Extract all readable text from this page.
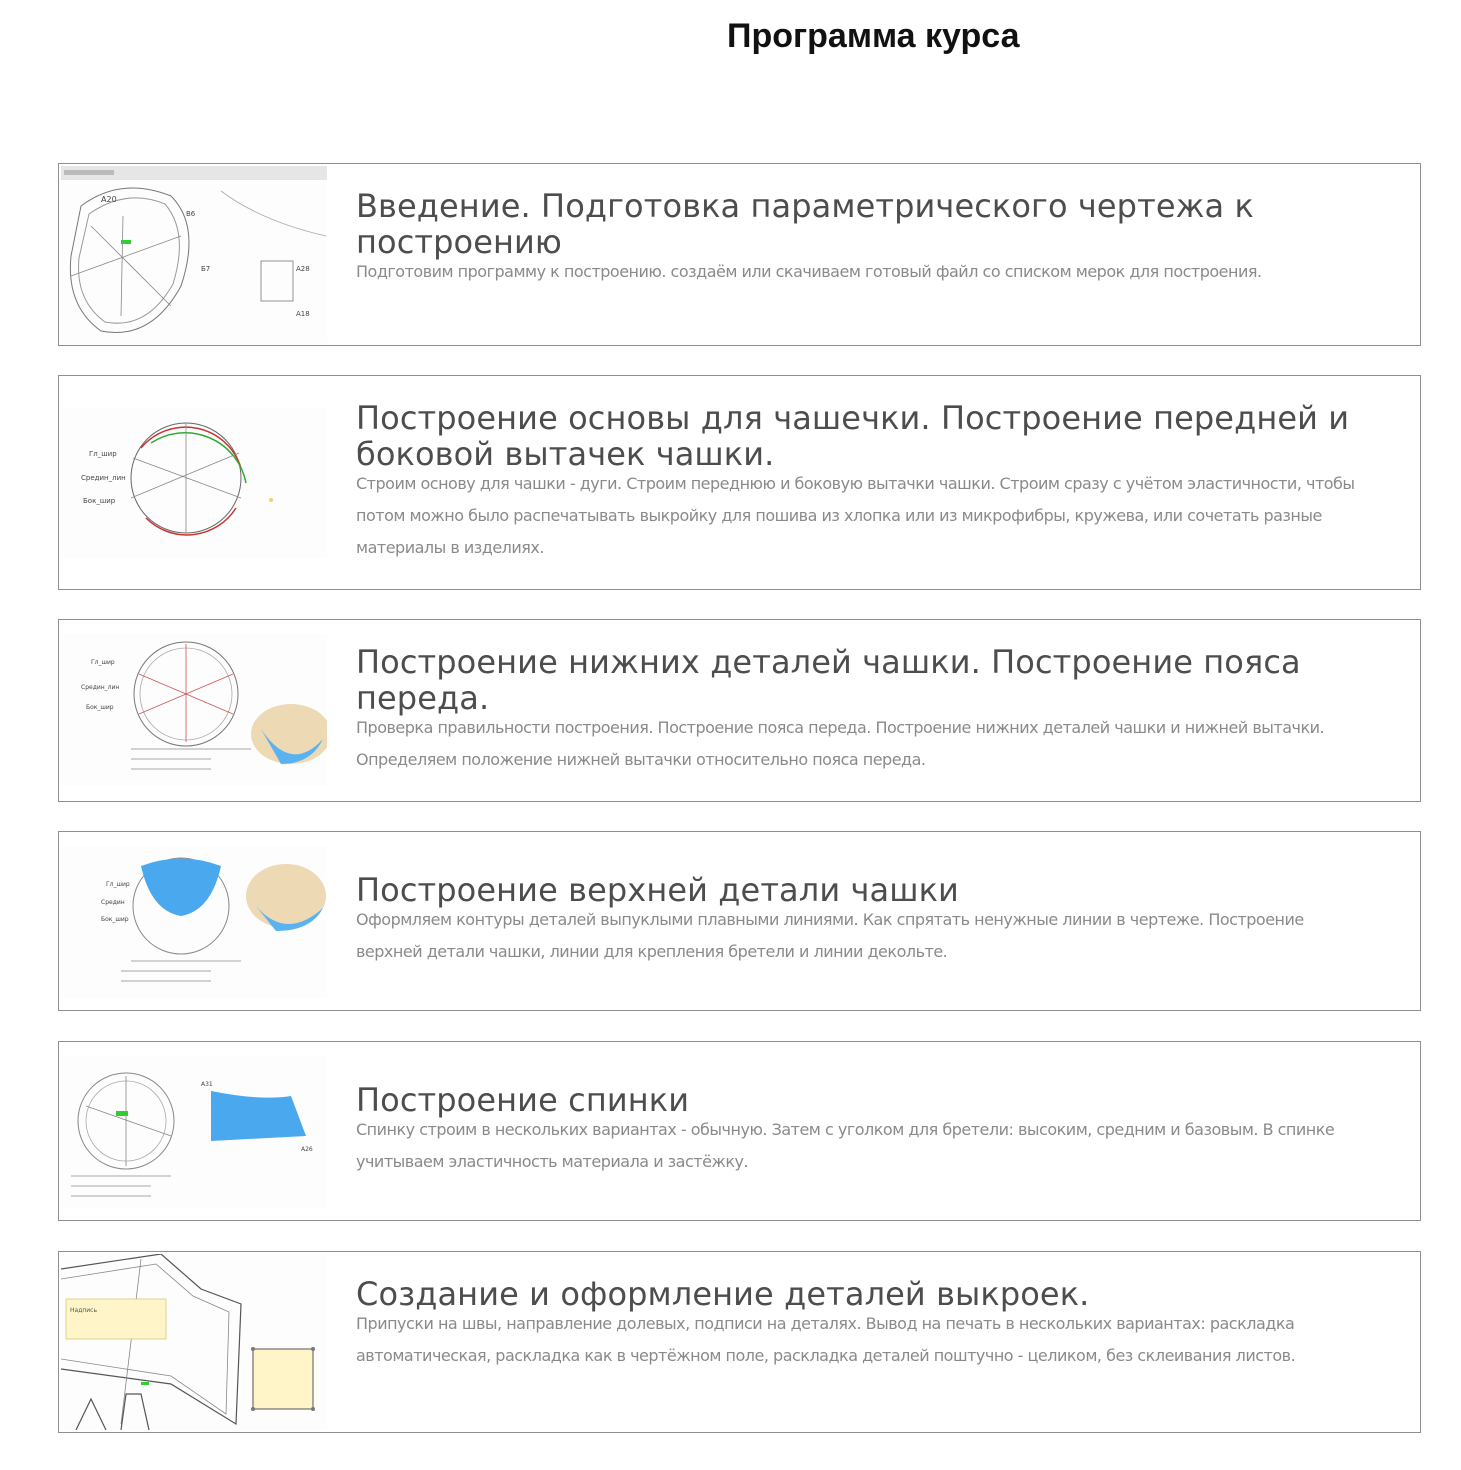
Программа курса
A20
B6
Б7	A28
A18
Введение. Подготовка параметрического чертежа к построению

Подготовим программу к построению. создаём или скачиваем готовый файл со списком мерок для построения.

Гл_шир
Средин_лин
Бок_шир
Построение основы для чашечки. Построение передней и боковой вытачек чашки.

Строим основу для чашки - дуги. Строим переднюю и боковую вытачки чашки. Строим сразу с учётом эластичности, чтобы потом можно было распечатывать выкройку для пошива из хлопка или из микрофибры, кружева, или сочетать разные материалы в изделиях.

Гл_шир
Средин_лин
Бок_шир
Построение нижних деталей чашки. Построение пояса переда.

Проверка правильности построения. Построение пояса переда. Построение нижних деталей чашки и нижней вытачки. Определяем положение нижней вытачки относительно пояса переда.

Гл_шир
Средин
Бок_шир
Построение верхней детали чашки

Оформляем контуры деталей выпуклыми плавными линиями. Как спрятать ненужные линии в чертеже. Построение верхней детали чашки, линии для крепления бретели и линии декольте.

A31
A26
Построение спинки

Спинку строим в нескольких вариантах - обычную. Затем с уголком для бретели: высоким, средним и базовым. В спинке учитываем эластичность материала и застёжку.

Надпись	Создание и оформление деталей выкроек.

Припуски на швы, направление долевых, подписи на деталях. Вывод на печать в нескольких вариантах: раскладка автоматическая, раскладка как в чертёжном поле, раскладка деталей поштучно - целиком, без склеивания листов.
